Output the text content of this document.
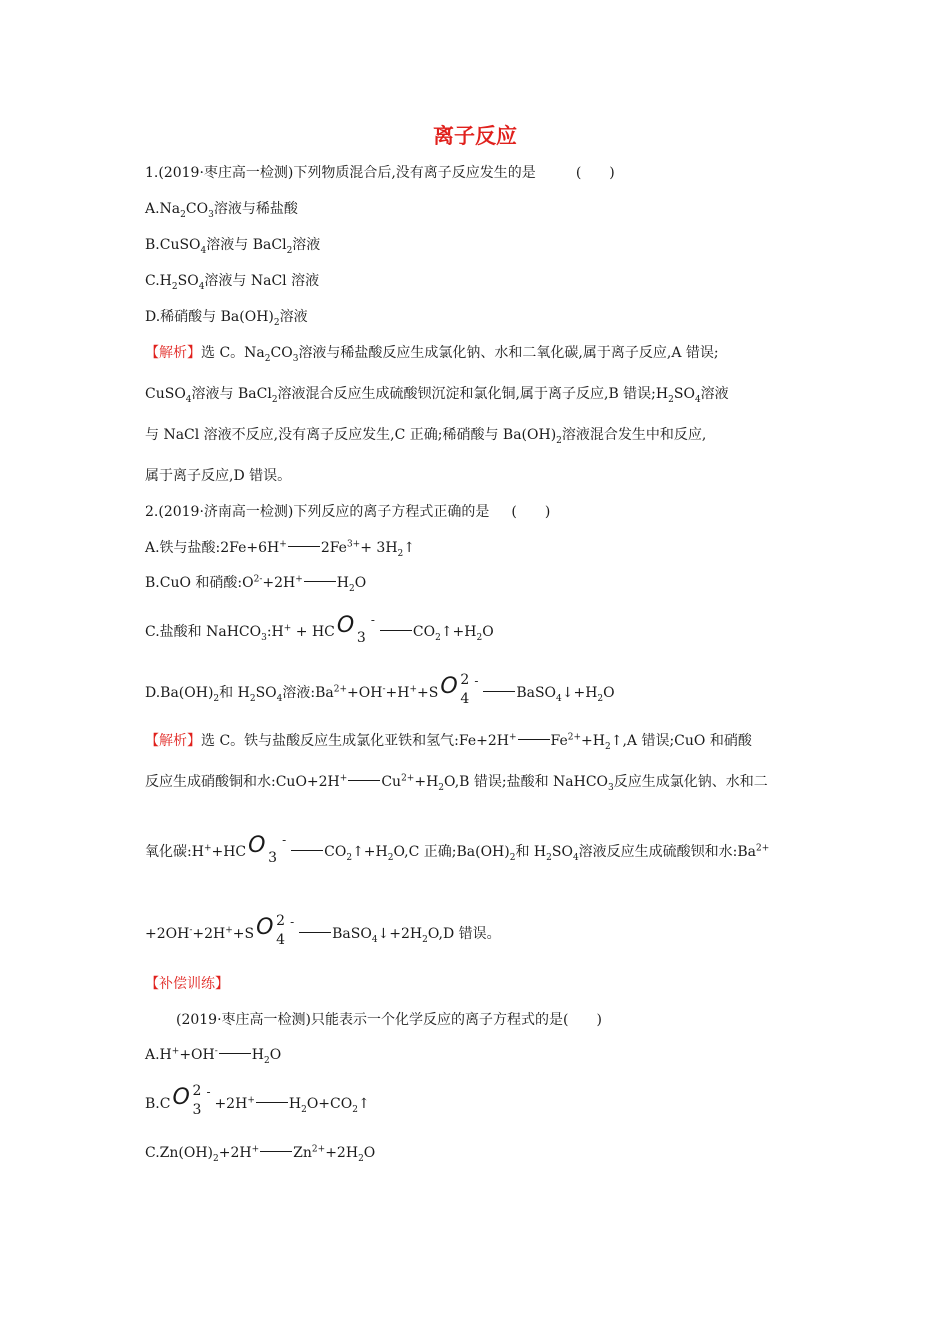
离子反应
1.(2019·枣庄高一检测)下列物质混合后,没有离子反应发生的是	(　　)
$A.Na_2CO_3$溶液与稀盐酸
B.CuSO$_4$溶液与 BaCl$_2$溶液
$C.H_2SO_4$溶液与 NaCl 溶液
D.稀硝酸与 $Ba(OH)_2$溶液
【解析】选 C。$Na_2CO_3$溶液与稀盐酸反应生成氯化钠、水和二氧化碳,属于离子反应,A 错误;
CuSO$_4$溶液与 BaCl$_2$溶液混合反应生成硫酸钡沉淀和氯化铜,属于离子反应,B 错误$;H_2SO_4$溶液
与 NaCl 溶液不反应,没有离子反应发生,C 正确;稀硝酸与 $Ba(OH)_2$溶液混合发生中和反应,
属于离子反应,D 错误。
2.(2019·济南高一检测)下列反应的离子方程式正确的是 (　　)
A.铁与盐酸:2Fe+6H+ $2Fe^{3+}+$ $3H_2↑$
B.CuO 和硝酸$:O^{2-}+2H^+$ $H_2O$
C.盐酸和 NaHCO$_3$:H+ + HC O 3
-
$CO_2↑+H_2O$
$D.Ba(OH)_2$和 $H_2SO_4$溶液$:Ba^{2+}+OH^-+H^++S$ O 2
4
-
$BaSO_4↓+H_2O$
【解析】选 C。铁与盐酸反应生成氯化亚铁和氢气:Fe+2H+ $Fe^{2+}+H_2↑,A$ 错误;CuO 和硝酸
反应生成硝酸铜和水:CuO+2H+ $Cu^{2+}+H_2O,B$ 错误;盐酸和 NaHCO$_3$反应生成氯化钠、水和二
氧化碳:H++HC O 3
-
$CO_2↑+H_2O,C$ 正确$;Ba(OH)_2$和 $H_2SO_4$溶液反应生成硫酸钡和水$:Ba^{2+}$
+2OH-+2H++S O 2
4
-
$BaSO_4↓+2H_2O,D$ 错误。
【补偿训练】
(2019·枣庄高一检测)只能表示一个化学反应的离子方程式的是(　　)
A.H++OH- $H_2O$
B.C O 2
3
-
+2H+ $H_2O+CO_2↑$
$C.Zn(OH)_2+2H^+$ $Zn^{2+}+2H_2O$
